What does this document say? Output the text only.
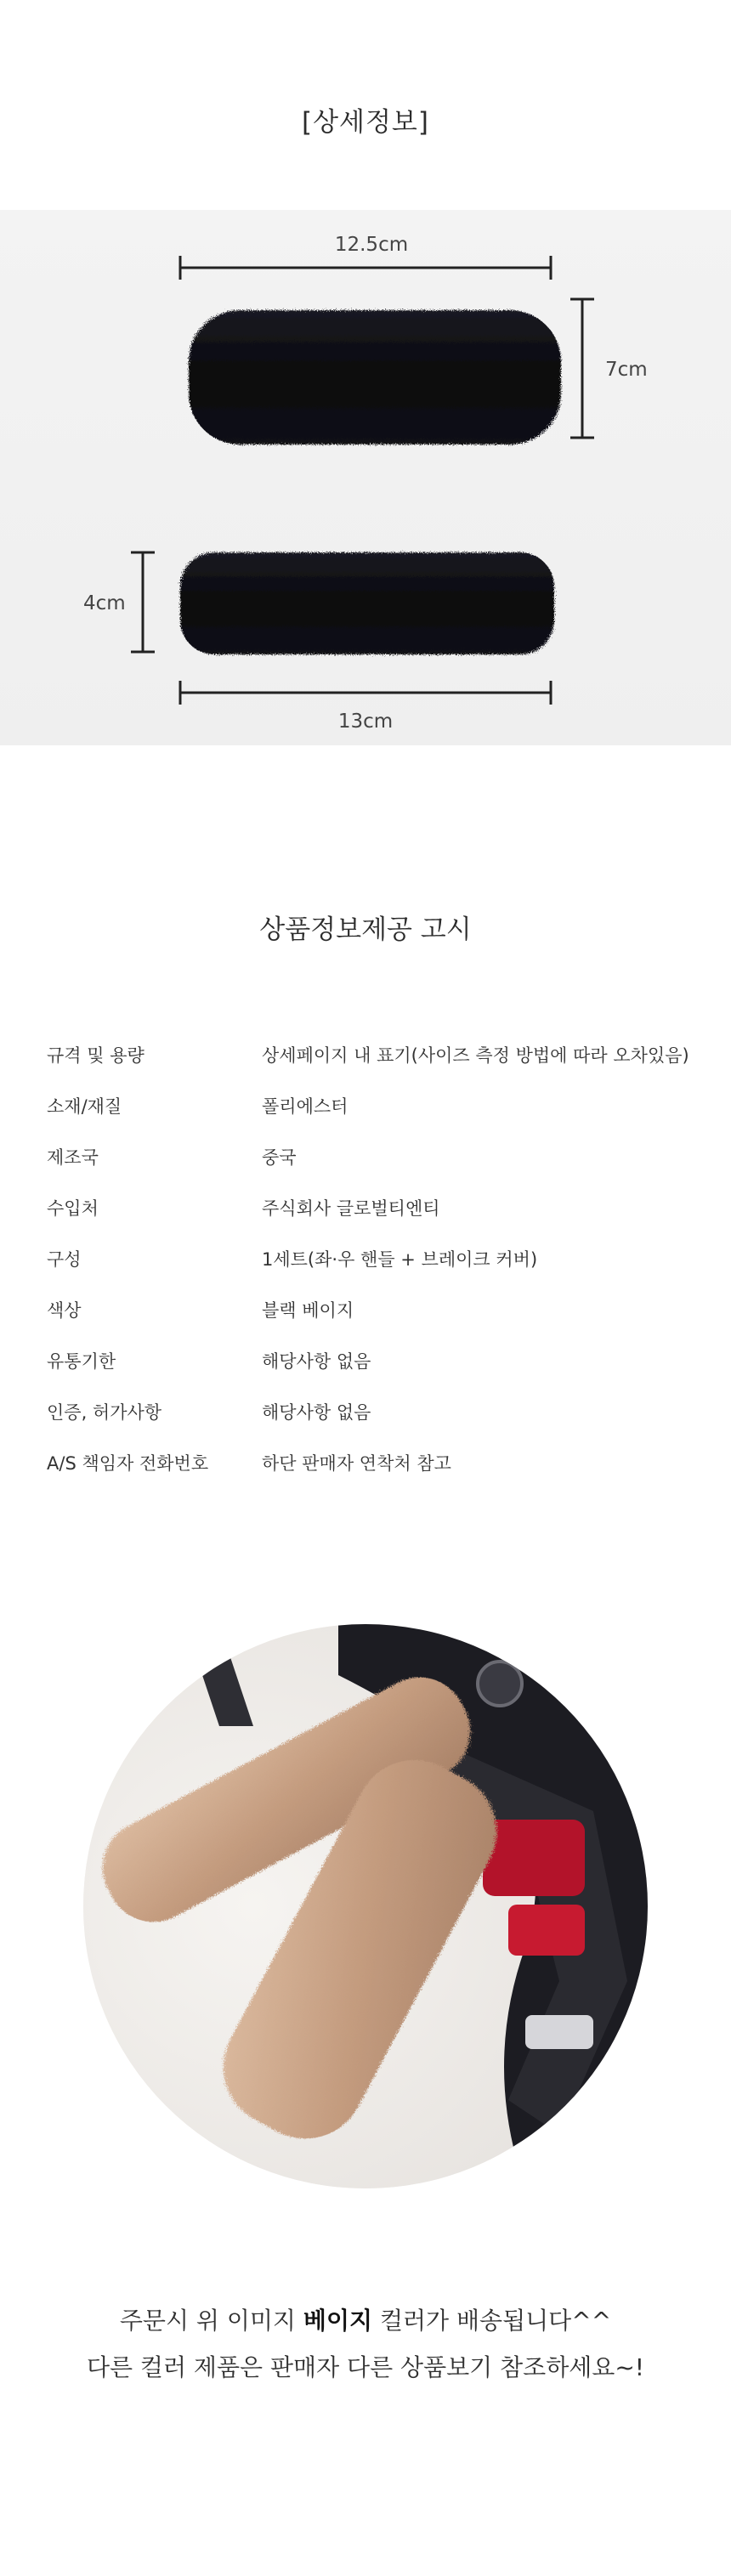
[상세정보]
12.5cm
7cm
4cm
13cm
상품정보제공 고시
규격 및 용량	상세페이지 내 표기(사이즈 측정 방법에 따라 오차있음)
소재/재질	폴리에스터
제조국	중국
수입처	주식회사 글로벌티엔티
구성	1세트(좌·우 핸들 + 브레이크 커버)
색상	블랙 베이지
유통기한	해당사항 없음
인증, 허가사항	해당사항 없음
A/S 책임자 전화번호	하단 판매자 연착처 참고
주문시 위 이미지 베이지 컬러가 배송됩니다^^
다른 컬러 제품은 판매자 다른 상품보기 참조하세요~!
